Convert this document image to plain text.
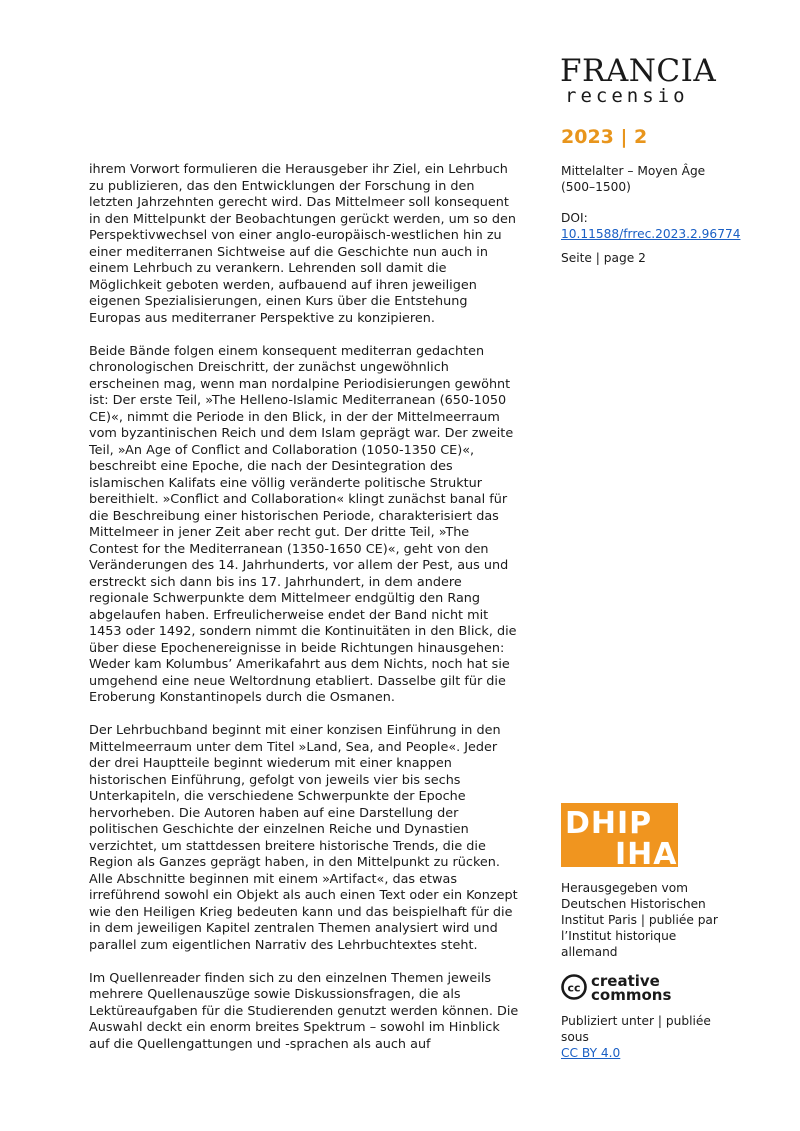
FRANCIA
recensio
2023 | 2
Mittelalter – Moyen Âge (500–1500)
DOI:
10.11588/frrec.2023.2.96774
Seite | page 2

ihrem Vorwort formulieren die Herausgeber ihr Ziel, ein Lehrbuch zu publizieren, das den Entwicklungen der Forschung in den letzten Jahrzehnten gerecht wird. Das Mittelmeer soll konsequent in den Mittelpunkt der Beobachtungen gerückt werden, um so den Perspektivwechsel von einer anglo-europäisch-westlichen hin zu einer mediterranen Sichtweise auf die Geschichte nun auch in einem Lehrbuch zu verankern. Lehrenden soll damit die Möglichkeit geboten werden, aufbauend auf ihren jeweiligen eigenen Spezialisierungen, einen Kurs über die Entstehung Europas aus mediterraner Perspektive zu konzipieren.

Beide Bände folgen einem konsequent mediterran gedachten chronologischen Dreischritt, der zunächst ungewöhnlich erscheinen mag, wenn man nordalpine Periodisierungen gewöhnt ist: Der erste Teil, »The Helleno-Islamic Mediterranean (650-1050 CE)«, nimmt die Periode in den Blick, in der der Mittelmeerraum vom byzantinischen Reich und dem Islam geprägt war. Der zweite Teil, »An Age of Conflict and Collaboration (1050-1350 CE)«, beschreibt eine Epoche, die nach der Desintegration des islamischen Kalifats eine völlig veränderte politische Struktur bereithielt. »Conflict and Collaboration« klingt zunächst banal für die Beschreibung einer historischen Periode, charakterisiert das Mittelmeer in jener Zeit aber recht gut. Der dritte Teil, »The Contest for the Mediterranean (1350-1650 CE)«, geht von den Veränderungen des 14. Jahrhunderts, vor allem der Pest, aus und erstreckt sich dann bis ins 17. Jahrhundert, in dem andere regionale Schwerpunkte dem Mittelmeer endgültig den Rang abgelaufen haben. Erfreulicherweise endet der Band nicht mit 1453 oder 1492, sondern nimmt die Kontinuitäten in den Blick, die über diese Epochenereignisse in beide Richtungen hinausgehen: Weder kam Kolumbus’ Amerikafahrt aus dem Nichts, noch hat sie umgehend eine neue Weltordnung etabliert. Dasselbe gilt für die Eroberung Konstantinopels durch die Osmanen.

Der Lehrbuchband beginnt mit einer konzisen Einführung in den Mittelmeerraum unter dem Titel »Land, Sea, and People«. Jeder der drei Hauptteile beginnt wiederum mit einer knappen historischen Einführung, gefolgt von jeweils vier bis sechs Unterkapiteln, die verschiedene Schwerpunkte der Epoche hervorheben. Die Autoren haben auf eine Darstellung der politischen Geschichte der einzelnen Reiche und Dynastien verzichtet, um stattdessen breitere historische Trends, die die Region als Ganzes geprägt haben, in den Mittelpunkt zu rücken. Alle Abschnitte beginnen mit einem »Artifact«, das etwas irreführend sowohl ein Objekt als auch einen Text oder ein Konzept wie den Heiligen Krieg bedeuten kann und das beispielhaft für die in dem jeweiligen Kapitel zentralen Themen analysiert wird und parallel zum eigentlichen Narrativ des Lehrbuchtextes steht.

Im Quellenreader finden sich zu den einzelnen Themen jeweils mehrere Quellenauszüge sowie Diskussionsfragen, die als Lektüreaufgaben für die Studierenden genutzt werden können. Die Auswahl deckt ein enorm breites Spektrum – sowohl im Hinblick auf die Quellengattungen und -sprachen als auch auf

DHIP
IHA
Herausgegeben vom Deutschen Historischen Institut Paris | publiée par l’Institut historique allemand
cc creative
commons
Publiziert unter | publiée sous
CC BY 4.0
